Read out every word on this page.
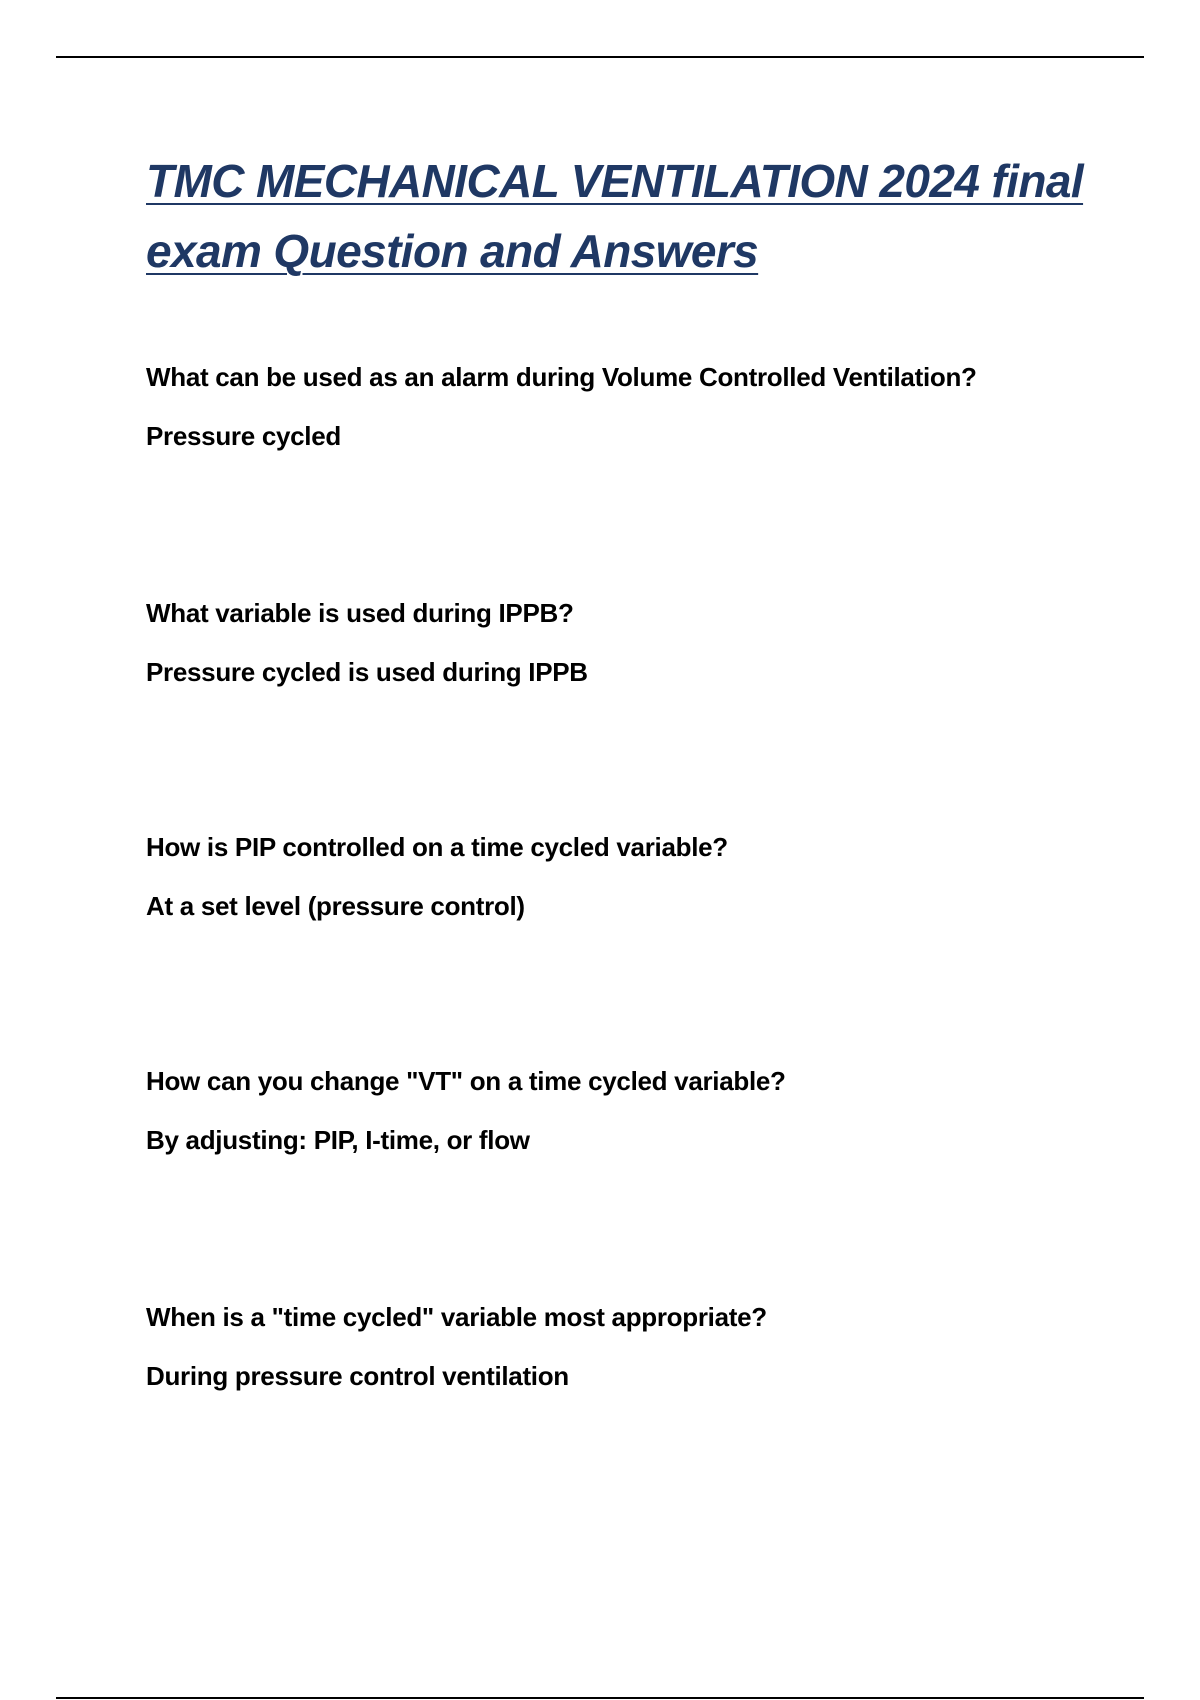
TMC MECHANICAL VENTILATION 2024 final
exam Question and Answers

What can be used as an alarm during Volume Controlled Ventilation?

Pressure cycled

What variable is used during IPPB?

Pressure cycled is used during IPPB

How is PIP controlled on a time cycled variable?

At a set level (pressure control)

How can you change "VT" on a time cycled variable?

By adjusting: PIP, I-time, or flow

When is a "time cycled" variable most appropriate?

During pressure control ventilation
